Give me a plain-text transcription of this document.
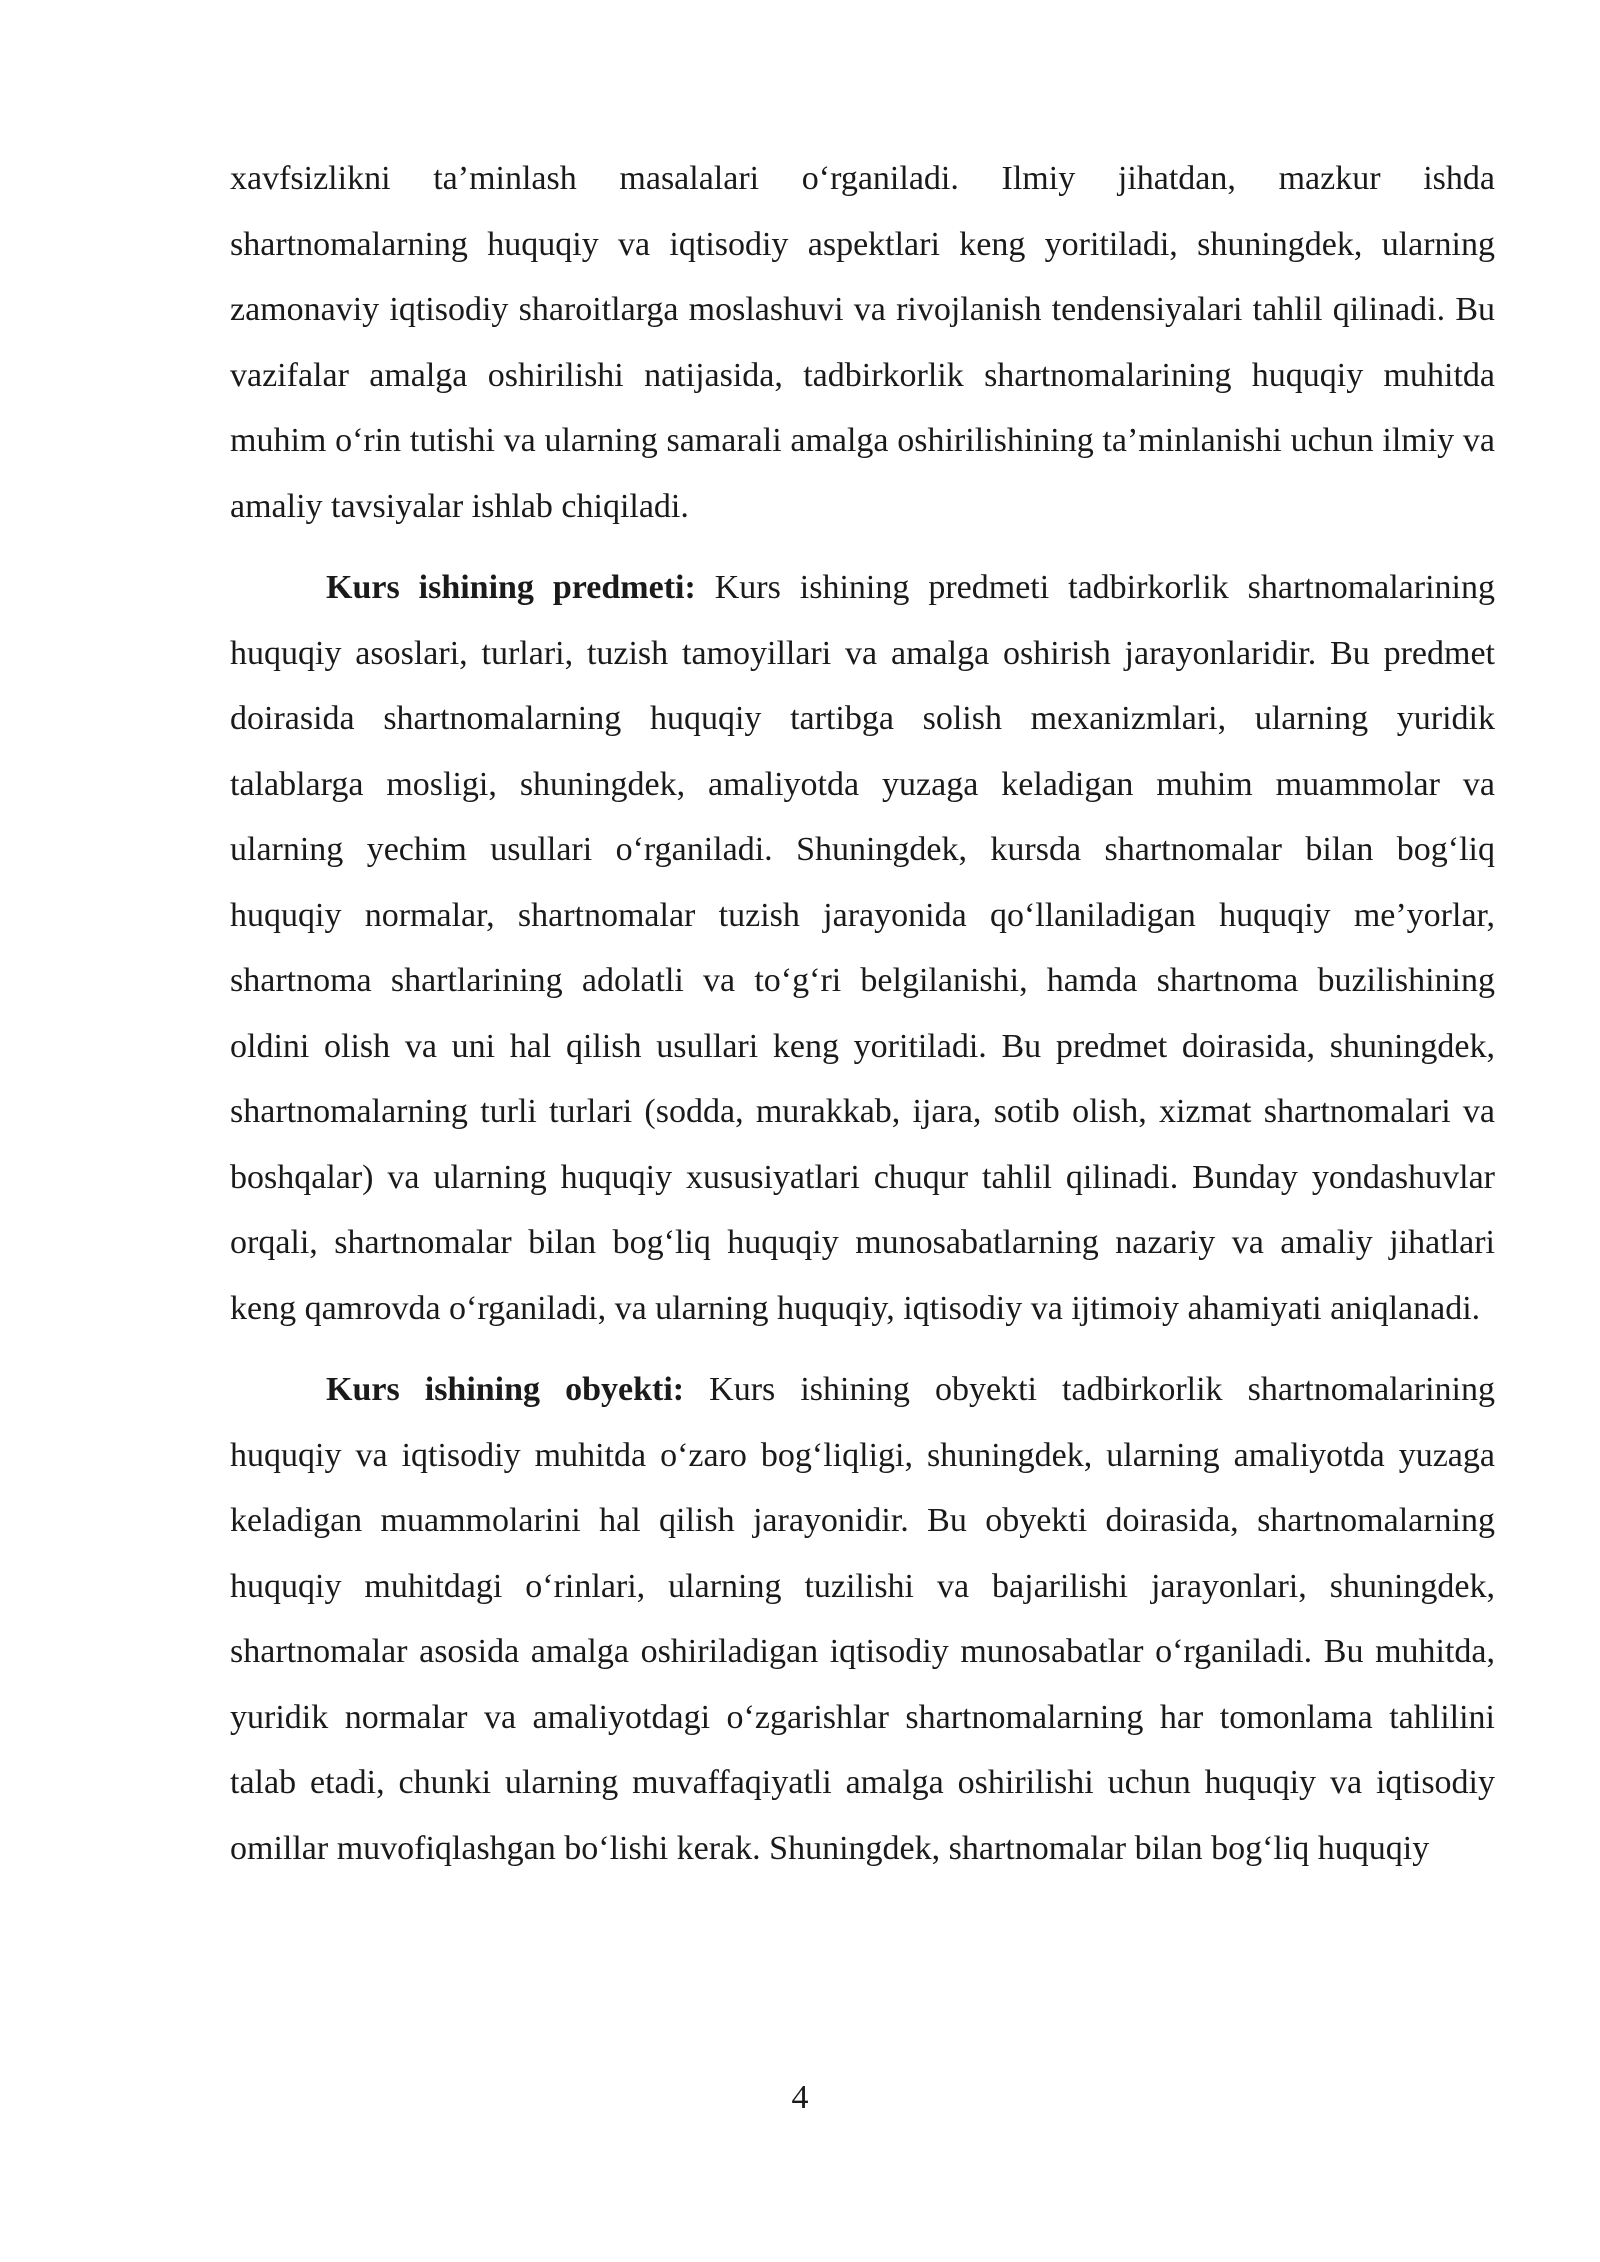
xavfsizlikni ta’minlash masalalari o‘rganiladi. Ilmiy jihatdan, mazkur ishda shartnomalarning huquqiy va iqtisodiy aspektlari keng yoritiladi, shuningdek, ularning zamonaviy iqtisodiy sharoitlarga moslashuvi va rivojlanish tendensiyalari tahlil qilinadi. Bu vazifalar amalga oshirilishi natijasida, tadbirkorlik shartnomalarining huquqiy muhitda muhim o‘rin tutishi va ularning samarali amalga oshirilishining ta’minlanishi uchun ilmiy va amaliy tavsiyalar ishlab chiqiladi.

Kurs ishining predmeti: Kurs ishining predmeti tadbirkorlik shartnomalarining huquqiy asoslari, turlari, tuzish tamoyillari va amalga oshirish jarayonlaridir. Bu predmet doirasida shartnomalarning huquqiy tartibga solish mexanizmlari, ularning yuridik talablarga mosligi, shuningdek, amaliyotda yuzaga keladigan muhim muammolar va ularning yechim usullari o‘rganiladi. Shuningdek, kursda shartnomalar bilan bog‘liq huquqiy normalar, shartnomalar tuzish jarayonida qo‘llaniladigan huquqiy me’yorlar, shartnoma shartlarining adolatli va to‘g‘ri belgilanishi, hamda shartnoma buzilishining oldini olish va uni hal qilish usullari keng yoritiladi. Bu predmet doirasida, shuningdek, shartnomalarning turli turlari (sodda, murakkab, ijara, sotib olish, xizmat shartnomalari va boshqalar) va ularning huquqiy xususiyatlari chuqur tahlil qilinadi. Bunday yondashuvlar orqali, shartnomalar bilan bog‘liq huquqiy munosabatlarning nazariy va amaliy jihatlari keng qamrovda o‘rganiladi, va ularning huquqiy, iqtisodiy va ijtimoiy ahamiyati aniqlanadi.

Kurs ishining obyekti: Kurs ishining obyekti tadbirkorlik shartnomalarining huquqiy va iqtisodiy muhitda o‘zaro bog‘liqligi, shuningdek, ularning amaliyotda yuzaga keladigan muammolarini hal qilish jarayonidir. Bu obyekti doirasida, shartnomalarning huquqiy muhitdagi o‘rinlari, ularning tuzilishi va bajarilishi jarayonlari, shuningdek, shartnomalar asosida amalga oshiriladigan iqtisodiy munosabatlar o‘rganiladi. Bu muhitda, yuridik normalar va amaliyotdagi o‘zgarishlar shartnomalarning har tomonlama tahlilini talab etadi, chunki ularning muvaffaqiyatli amalga oshirilishi uchun huquqiy va iqtisodiy omillar muvofiqlashgan bo‘lishi kerak. Shuningdek, shartnomalar bilan bog‘liq huquqiy

4
